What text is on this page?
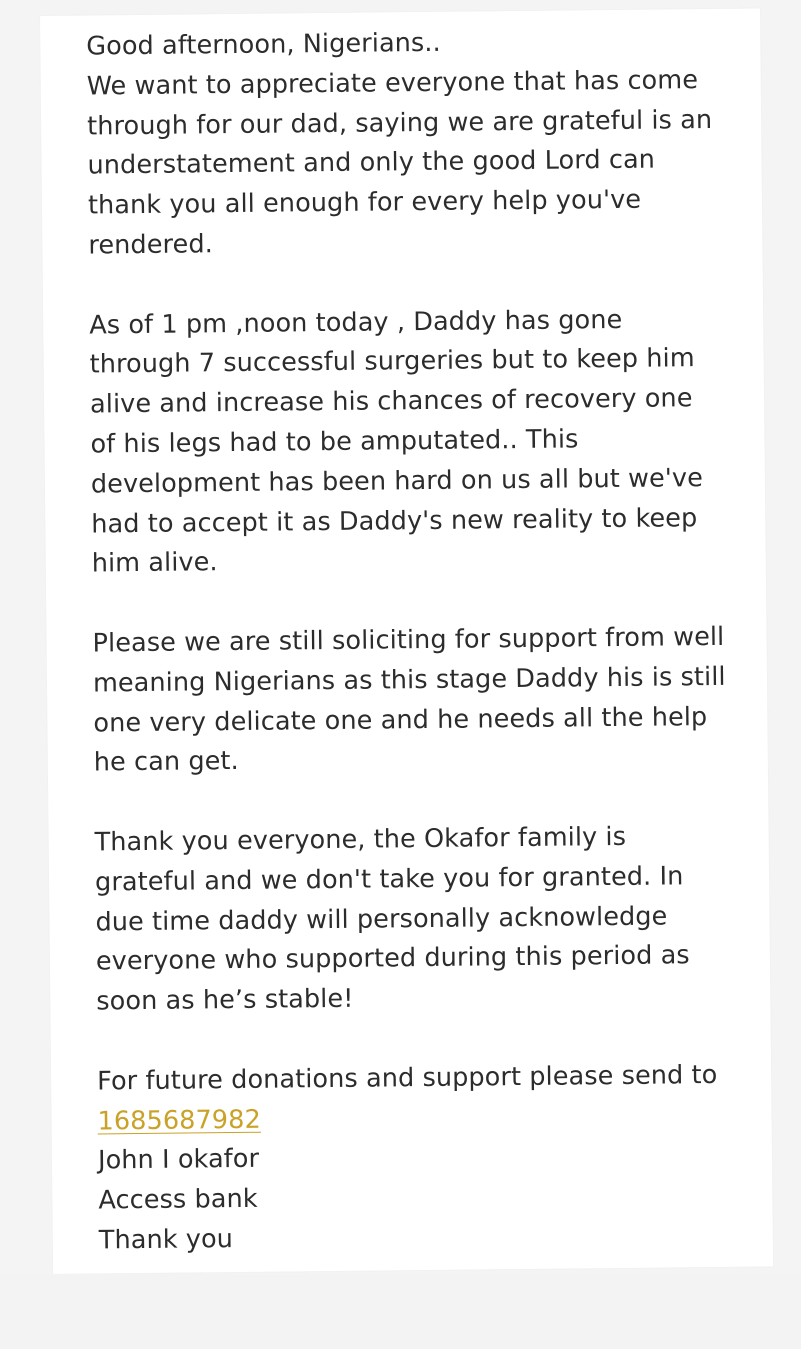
Good afternoon, Nigerians..
We want to appreciate everyone that has come
through for our dad, saying we are grateful is an
understatement and only the good Lord can
thank you all enough for every help you've
rendered.
As of 1 pm ,noon today , Daddy has gone
through 7 successful surgeries but to keep him
alive and increase his chances of recovery one
of his legs had to be amputated.. This
development has been hard on us all but we've
had to accept it as Daddy's new reality to keep
him alive.
Please we are still soliciting for support from well
meaning Nigerians as this stage Daddy his is still
one very delicate one and he needs all the help
he can get.
Thank you everyone, the Okafor family is
grateful and we don't take you for granted. In
due time daddy will personally acknowledge
everyone who supported during this period as
soon as he’s stable!
For future donations and support please send to
1685687982
John I okafor
Access bank
Thank you
